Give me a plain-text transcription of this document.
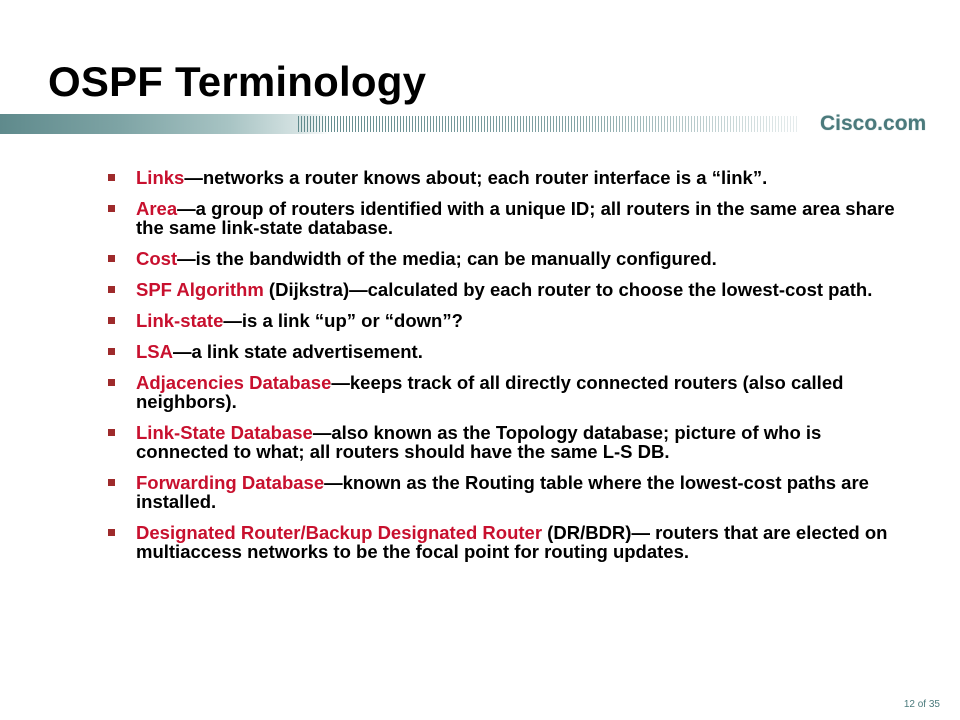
OSPF Terminology
Cisco.com
Links—networks a router knows about; each router interface is a “link”.
Area—a group of routers identified with a unique ID; all routers in the same area share the same link-state database.
Cost—is the bandwidth of the media; can be manually configured.
SPF Algorithm (Dijkstra)—calculated by each router to choose the lowest-cost path.
Link-state—is a link “up” or “down”?
LSA—a link state advertisement.
Adjacencies Database—keeps track of all directly connected routers (also called neighbors).
Link-State Database—also known as the Topology database; picture of who is connected to what; all routers should have the same L-S DB.
Forwarding Database—known as the Routing table where the lowest-cost paths are installed.
Designated Router/Backup Designated Router (DR/BDR)— routers that are elected on multiaccess networks to be the focal point for routing updates.
12 of 35
